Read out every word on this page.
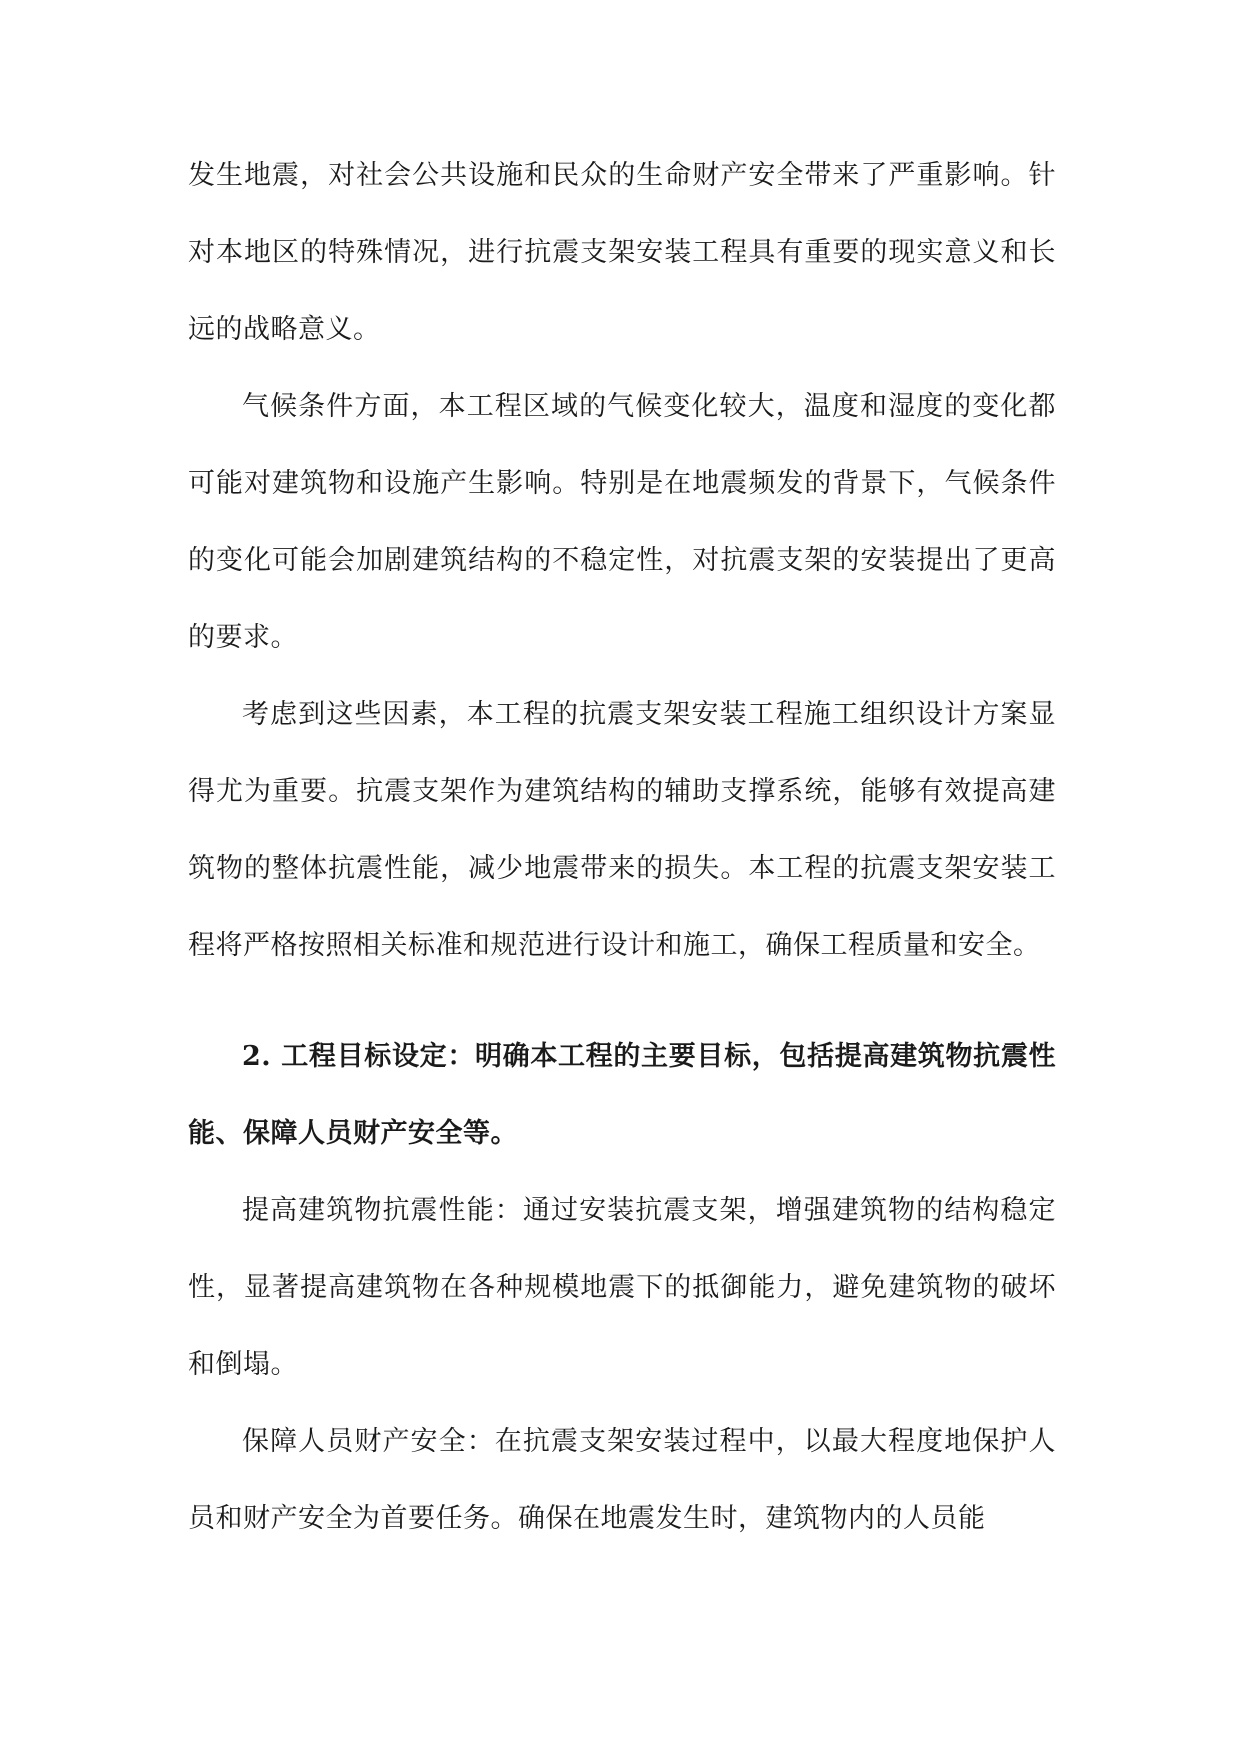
发生地震，对社会公共设施和民众的生命财产安全带来了严重影响。针对本地区的特殊情况，进行抗震支架安装工程具有重要的现实意义和长远的战略意义。

气候条件方面，本工程区域的气候变化较大，温度和湿度的变化都可能对建筑物和设施产生影响。特别是在地震频发的背景下，气候条件的变化可能会加剧建筑结构的不稳定性，对抗震支架的安装提出了更高的要求。

考虑到这些因素，本工程的抗震支架安装工程施工组织设计方案显得尤为重要。抗震支架作为建筑结构的辅助支撑系统，能够有效提高建筑物的整体抗震性能，减少地震带来的损失。本工程的抗震支架安装工程将严格按照相关标准和规范进行设计和施工，确保工程质量和安全。

2. 工程目标设定：明确本工程的主要目标，包括提高建筑物抗震性能、保障人员财产安全等。

提高建筑物抗震性能：通过安装抗震支架，增强建筑物的结构稳定性，显著提高建筑物在各种规模地震下的抵御能力，避免建筑物的破坏和倒塌。

保障人员财产安全：在抗震支架安装过程中，以最大程度地保护人员和财产安全为首要任务。确保在地震发生时，建筑物内的人员能
